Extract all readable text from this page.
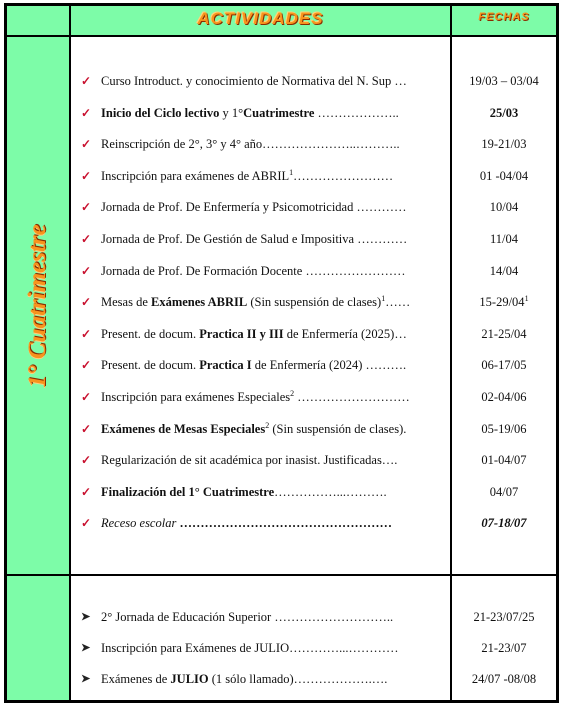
ACTIVIDADES	FECHAS
1° Cuatrimestre
✓ Curso Introduct. y conocimiento de Normativa del N. Sup …
✓ Inicio del Ciclo lectivo y 1°Cuatrimestre ………………..
✓ Reinscripción de 2°, 3° y 4° año…………………..………..
✓ Inscripción para exámenes de ABRIL$^1$……………………
✓ Jornada de Prof. De Enfermería y Psicomotricidad …………
✓ Jornada de Prof. De Gestión de Salud e Impositiva …………
✓ Jornada de Prof. De Formación Docente ……………………
✓ Mesas de Exámenes ABRIL (Sin suspensión de clases)$^1$……
✓ Present. de docum. Practica II y III de Enfermería (2025)…
✓ Present. de docum. Practica I de Enfermería (2024) ……….
✓ Inscripción para exámenes Especiales$^2$ ………………………
✓ Exámenes de Mesas Especiales$^2$ (Sin suspensión de clases).
✓ Regularización de sit académica por inasist. Justificadas….
✓ Finalización del 1° Cuatrimestre……………...……….
✓ Receso escolar ……………………………………………
19/03 – 03/04
25/03
19-21/03
01 -04/04
10/04
11/04
14/04
$15-29/04^1$
21-25/04
06-17/05
02-04/06
05-19/06
01-04/07
04/07
07-18/07
➤ 2° Jornada de Educación Superior ………………………..
➤ Inscripción para Exámenes de JULIO…………...…………
➤ Exámenes de JULIO (1 sólo llamado)……………….….
21-23/07/25
21-23/07
24/07 -08/08
